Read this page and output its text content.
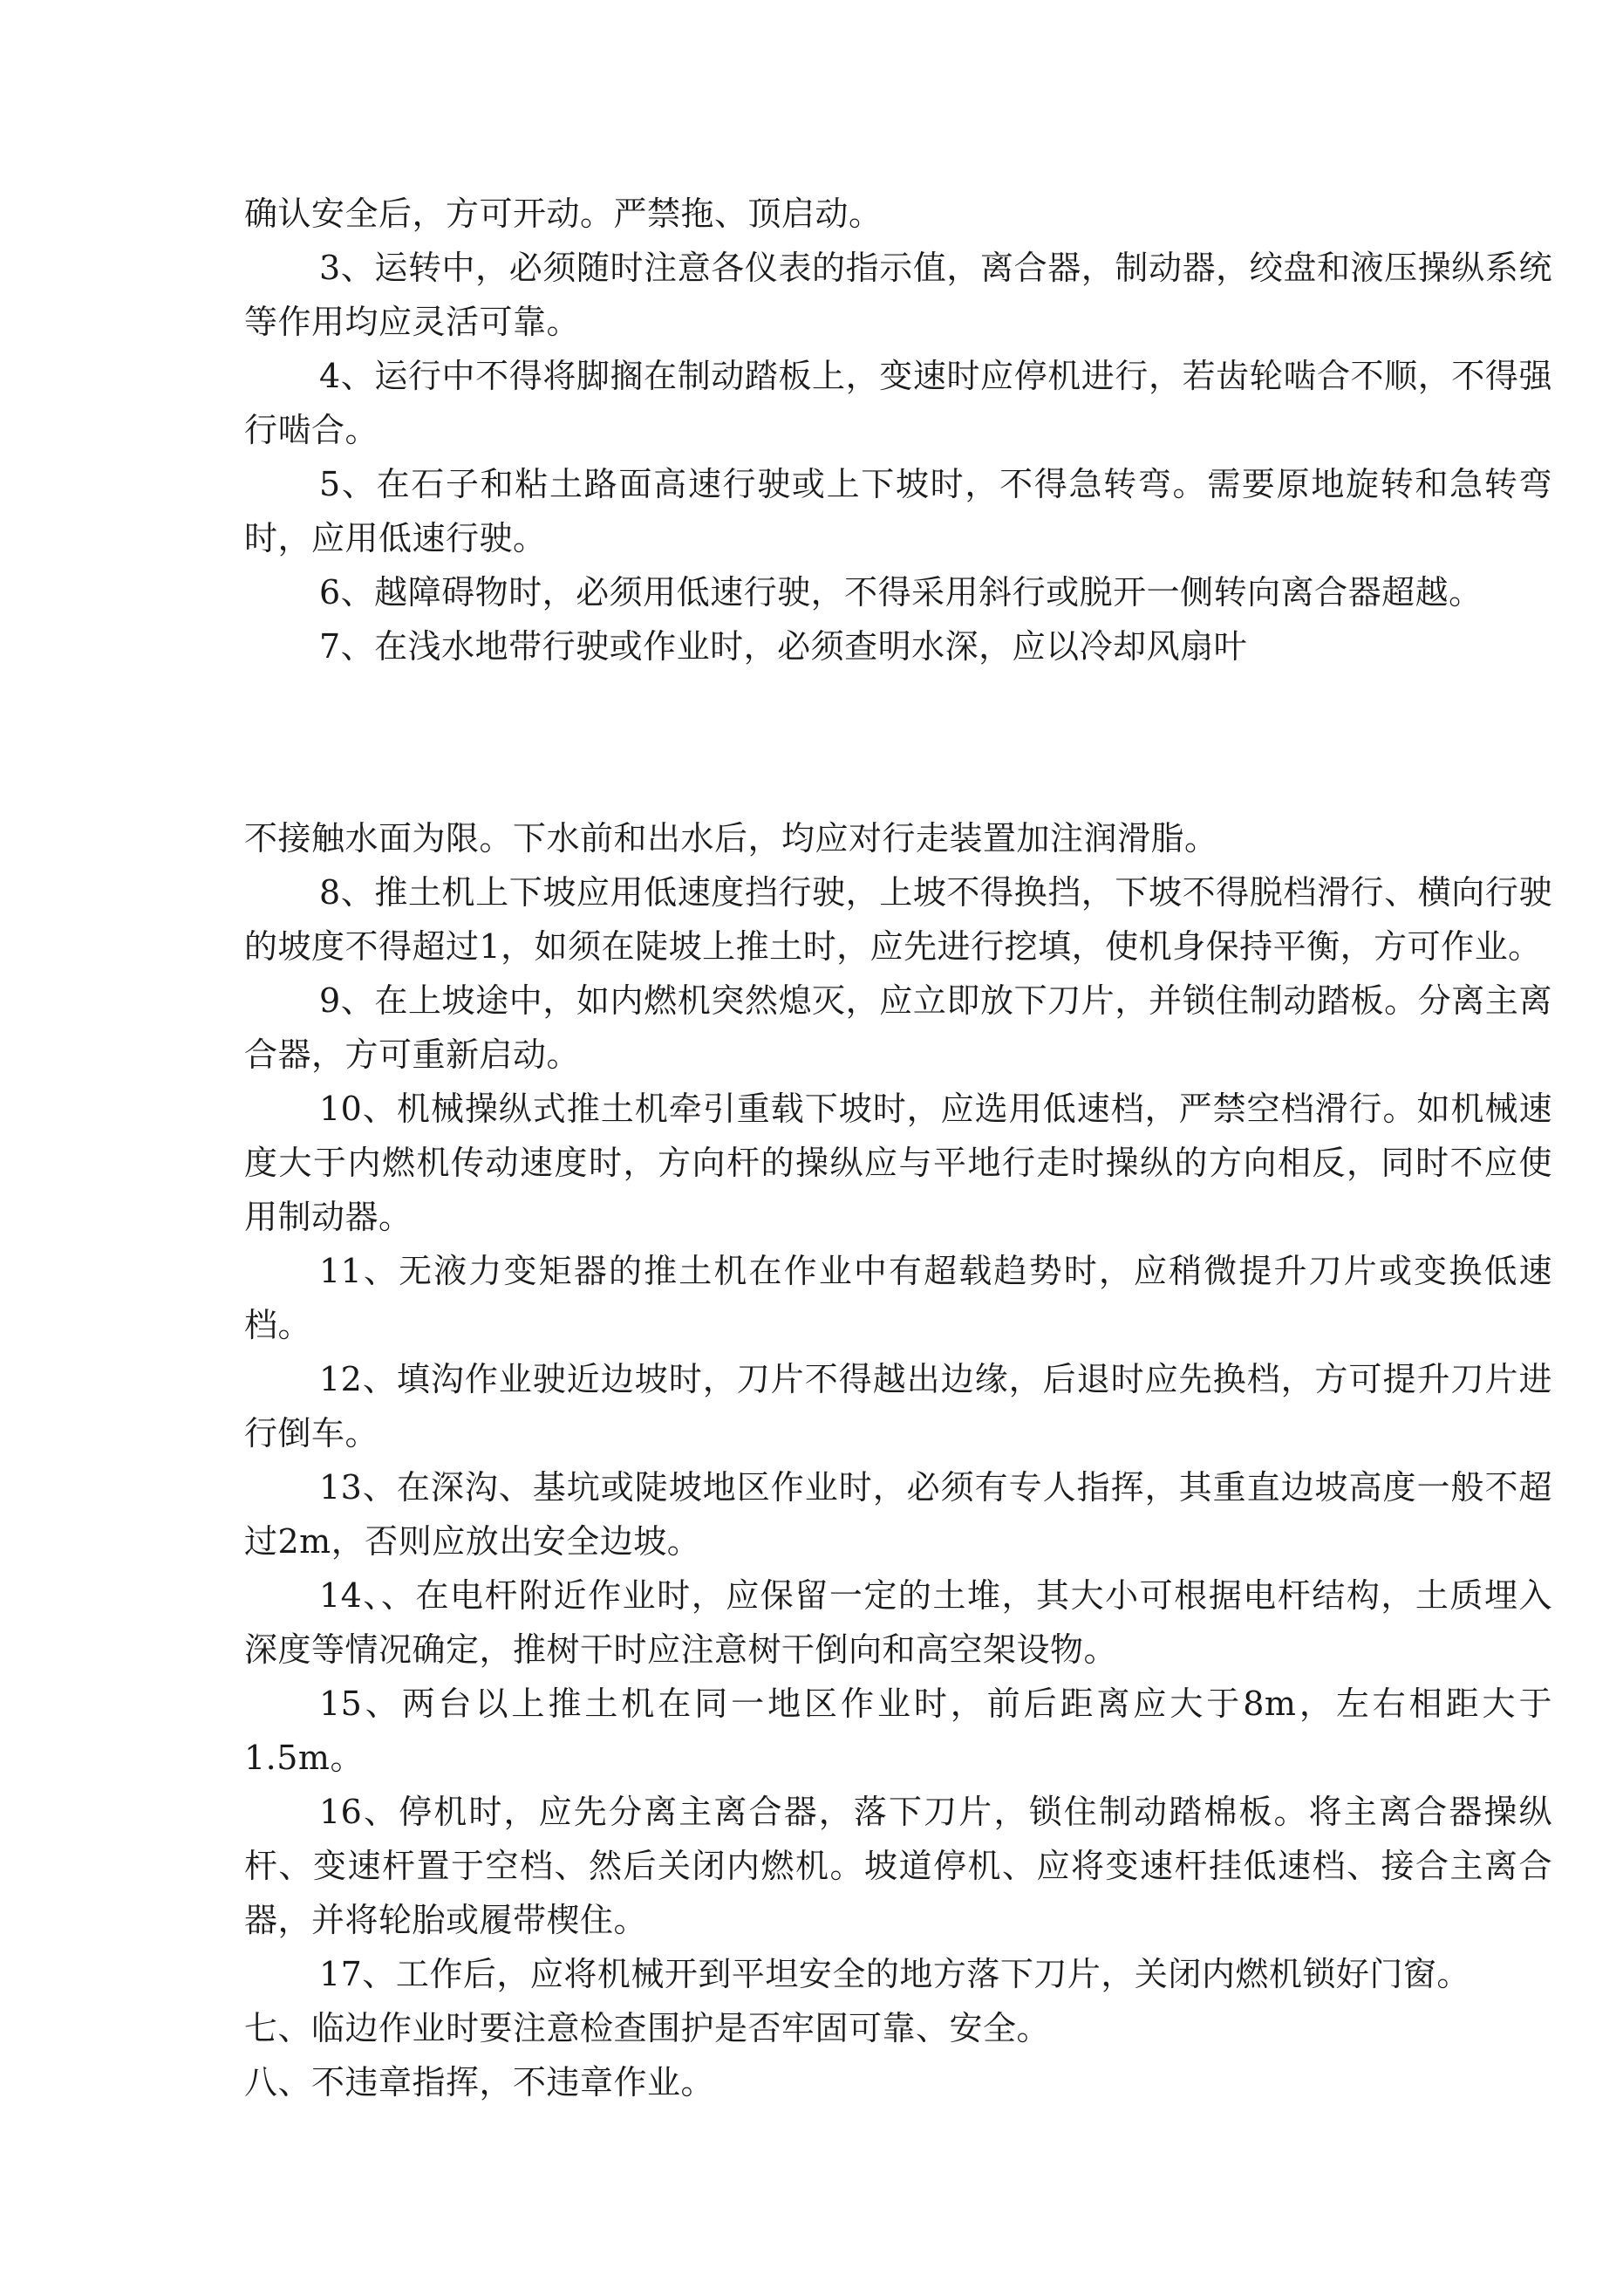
确认安全后，方可开动。严禁拖、顶启动。

3、运转中，必须随时注意各仪表的指示值，离合器，制动器，绞盘和液压操纵系统等作用均应灵活可靠。

4、运行中不得将脚搁在制动踏板上，变速时应停机进行，若齿轮啮合不顺，不得强行啮合。

5、在石子和粘土路面高速行驶或上下坡时，不得急转弯。需要原地旋转和急转弯时，应用低速行驶。

6、越障碍物时，必须用低速行驶，不得采用斜行或脱开一侧转向离合器超越。

7、在浅水地带行驶或作业时，必须查明水深，应以冷却风扇叶

不接触水面为限。下水前和出水后，均应对行走装置加注润滑脂。

8、推土机上下坡应用低速度挡行驶，上坡不得换挡，下坡不得脱档滑行、横向行驶的坡度不得超过1，如须在陡坡上推土时，应先进行挖填，使机身保持平衡，方可作业。

9、在上坡途中，如内燃机突然熄灭，应立即放下刀片，并锁住制动踏板。分离主离合器，方可重新启动。

10、机械操纵式推土机牵引重载下坡时，应选用低速档，严禁空档滑行。如机械速度大于内燃机传动速度时，方向杆的操纵应与平地行走时操纵的方向相反，同时不应使用制动器。

11、无液力变矩器的推土机在作业中有超载趋势时，应稍微提升刀片或变换低速档。

12、填沟作业驶近边坡时，刀片不得越出边缘，后退时应先换档，方可提升刀片进行倒车。

13、在深沟、基坑或陡坡地区作业时，必须有专人指挥，其重直边坡高度一般不超过2m，否则应放出安全边坡。

14、、在电杆附近作业时，应保留一定的土堆，其大小可根据电杆结构，土质埋入深度等情况确定，推树干时应注意树干倒向和高空架设物。

15、两台以上推土机在同一地区作业时，前后距离应大于8m，左右相距大于1.5m。

16、停机时，应先分离主离合器，落下刀片，锁住制动踏棉板。将主离合器操纵杆、变速杆置于空档、然后关闭内燃机。坡道停机、应将变速杆挂低速档、接合主离合器，并将轮胎或履带楔住。

17、工作后，应将机械开到平坦安全的地方落下刀片，关闭内燃机锁好门窗。

七、临边作业时要注意检查围护是否牢固可靠、安全。

八、不违章指挥，不违章作业。
